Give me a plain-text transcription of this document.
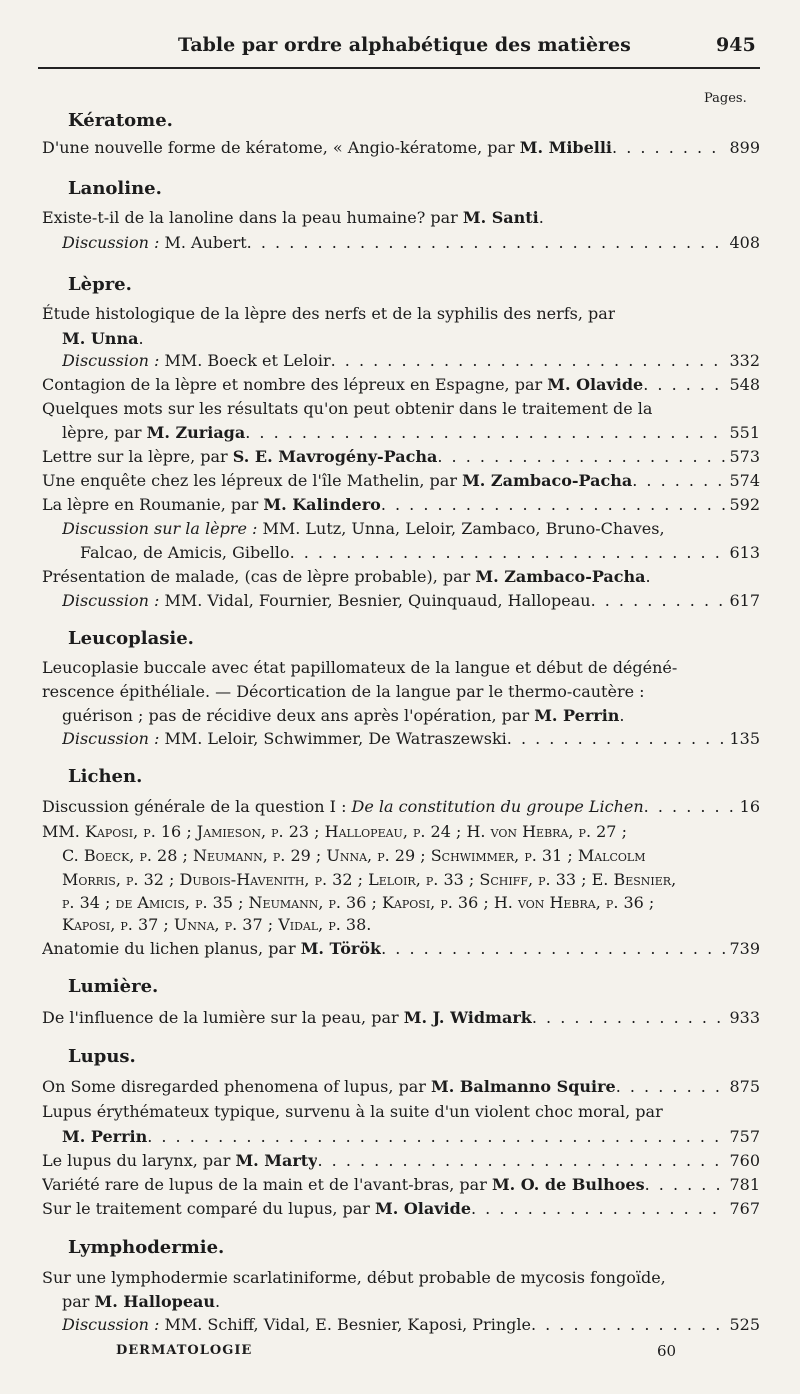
Table par ordre alphabétique des matières	945
Pages.
Kératome.
D'une nouvelle forme de kératome, « Angio-kératome, par M. Mibelli . . .	899
Lanoline.
Existe-t-il de la lanoline dans la peau humaine? par M. Santi.
Discussion : M. Aubert . . .	408
Lèpre.
Étude histologique de la lèpre des nerfs et de la syphilis des nerfs, par
M. Unna.
Discussion : MM. Boeck et Leloir . . .	332
Contagion de la lèpre et nombre des lépreux en Espagne, par M. Olavide . . .	548
Quelques mots sur les résultats qu'on peut obtenir dans le traitement de la
lèpre, par M. Zuriaga . . .	551
Lettre sur la lèpre, par S. E. Mavrogény-Pacha . . .	573
Une enquête chez les lépreux de l'île Mathelin, par M. Zambaco-Pacha . . .	574
La lèpre en Roumanie, par M. Kalindero . . .	592
Discussion sur la lèpre : MM. Lutz, Unna, Leloir, Zambaco, Bruno-Chaves,
Falcao, de Amicis, Gibello . . .	613
Présentation de malade, (cas de lèpre probable), par M. Zambaco-Pacha.
Discussion : MM. Vidal, Fournier, Besnier, Quinquaud, Hallopeau . . .	617
Leucoplasie.
Leucoplasie buccale avec état papillomateux de la langue et début de dégéné-
rescence épithéliale. — Décortication de la langue par le thermo-cautère :
guérison ; pas de récidive deux ans après l'opération, par M. Perrin.
Discussion : MM. Leloir, Schwimmer, De Watraszewski . . .	135
Lichen.
Discussion générale de la question I : De la constitution du groupe Lichen . . .	16
MM. Kaposi, p. 16 ; Jamieson, p. 23 ; Hallopeau, p. 24 ; H. von Hebra, p. 27 ;
C. Boeck, p. 28 ; Neumann, p. 29 ; Unna, p. 29 ; Schwimmer, p. 31 ; Malcolm
Morris, p. 32 ; Dubois-Havenith, p. 32 ; Leloir, p. 33 ; Schiff, p. 33 ; E. Besnier,
p. 34 ; de Amicis, p. 35 ; Neumann, p. 36 ; Kaposi, p. 36 ; H. von Hebra, p. 36 ;
Kaposi, p. 37 ; Unna, p. 37 ; Vidal, p. 38.
Anatomie du lichen planus, par M. Török . . .	739
Lumière.
De l'influence de la lumière sur la peau, par M. J. Widmark . . .	933
Lupus.
On Some disregarded phenomena of lupus, par M. Balmanno Squire . . .	875
Lupus érythémateux typique, survenu à la suite d'un violent choc moral, par
M. Perrin . . .	757
Le lupus du larynx, par M. Marty . . .	760
Variété rare de lupus de la main et de l'avant-bras, par M. O. de Bulhoes . . .	781
Sur le traitement comparé du lupus, par M. Olavide . . .	767
Lymphodermie.
Sur une lymphodermie scarlatiniforme, début probable de mycosis fongoïde,
par M. Hallopeau.
Discussion : MM. Schiff, Vidal, E. Besnier, Kaposi, Pringle . . .	525
DERMATOLOGIE	60
